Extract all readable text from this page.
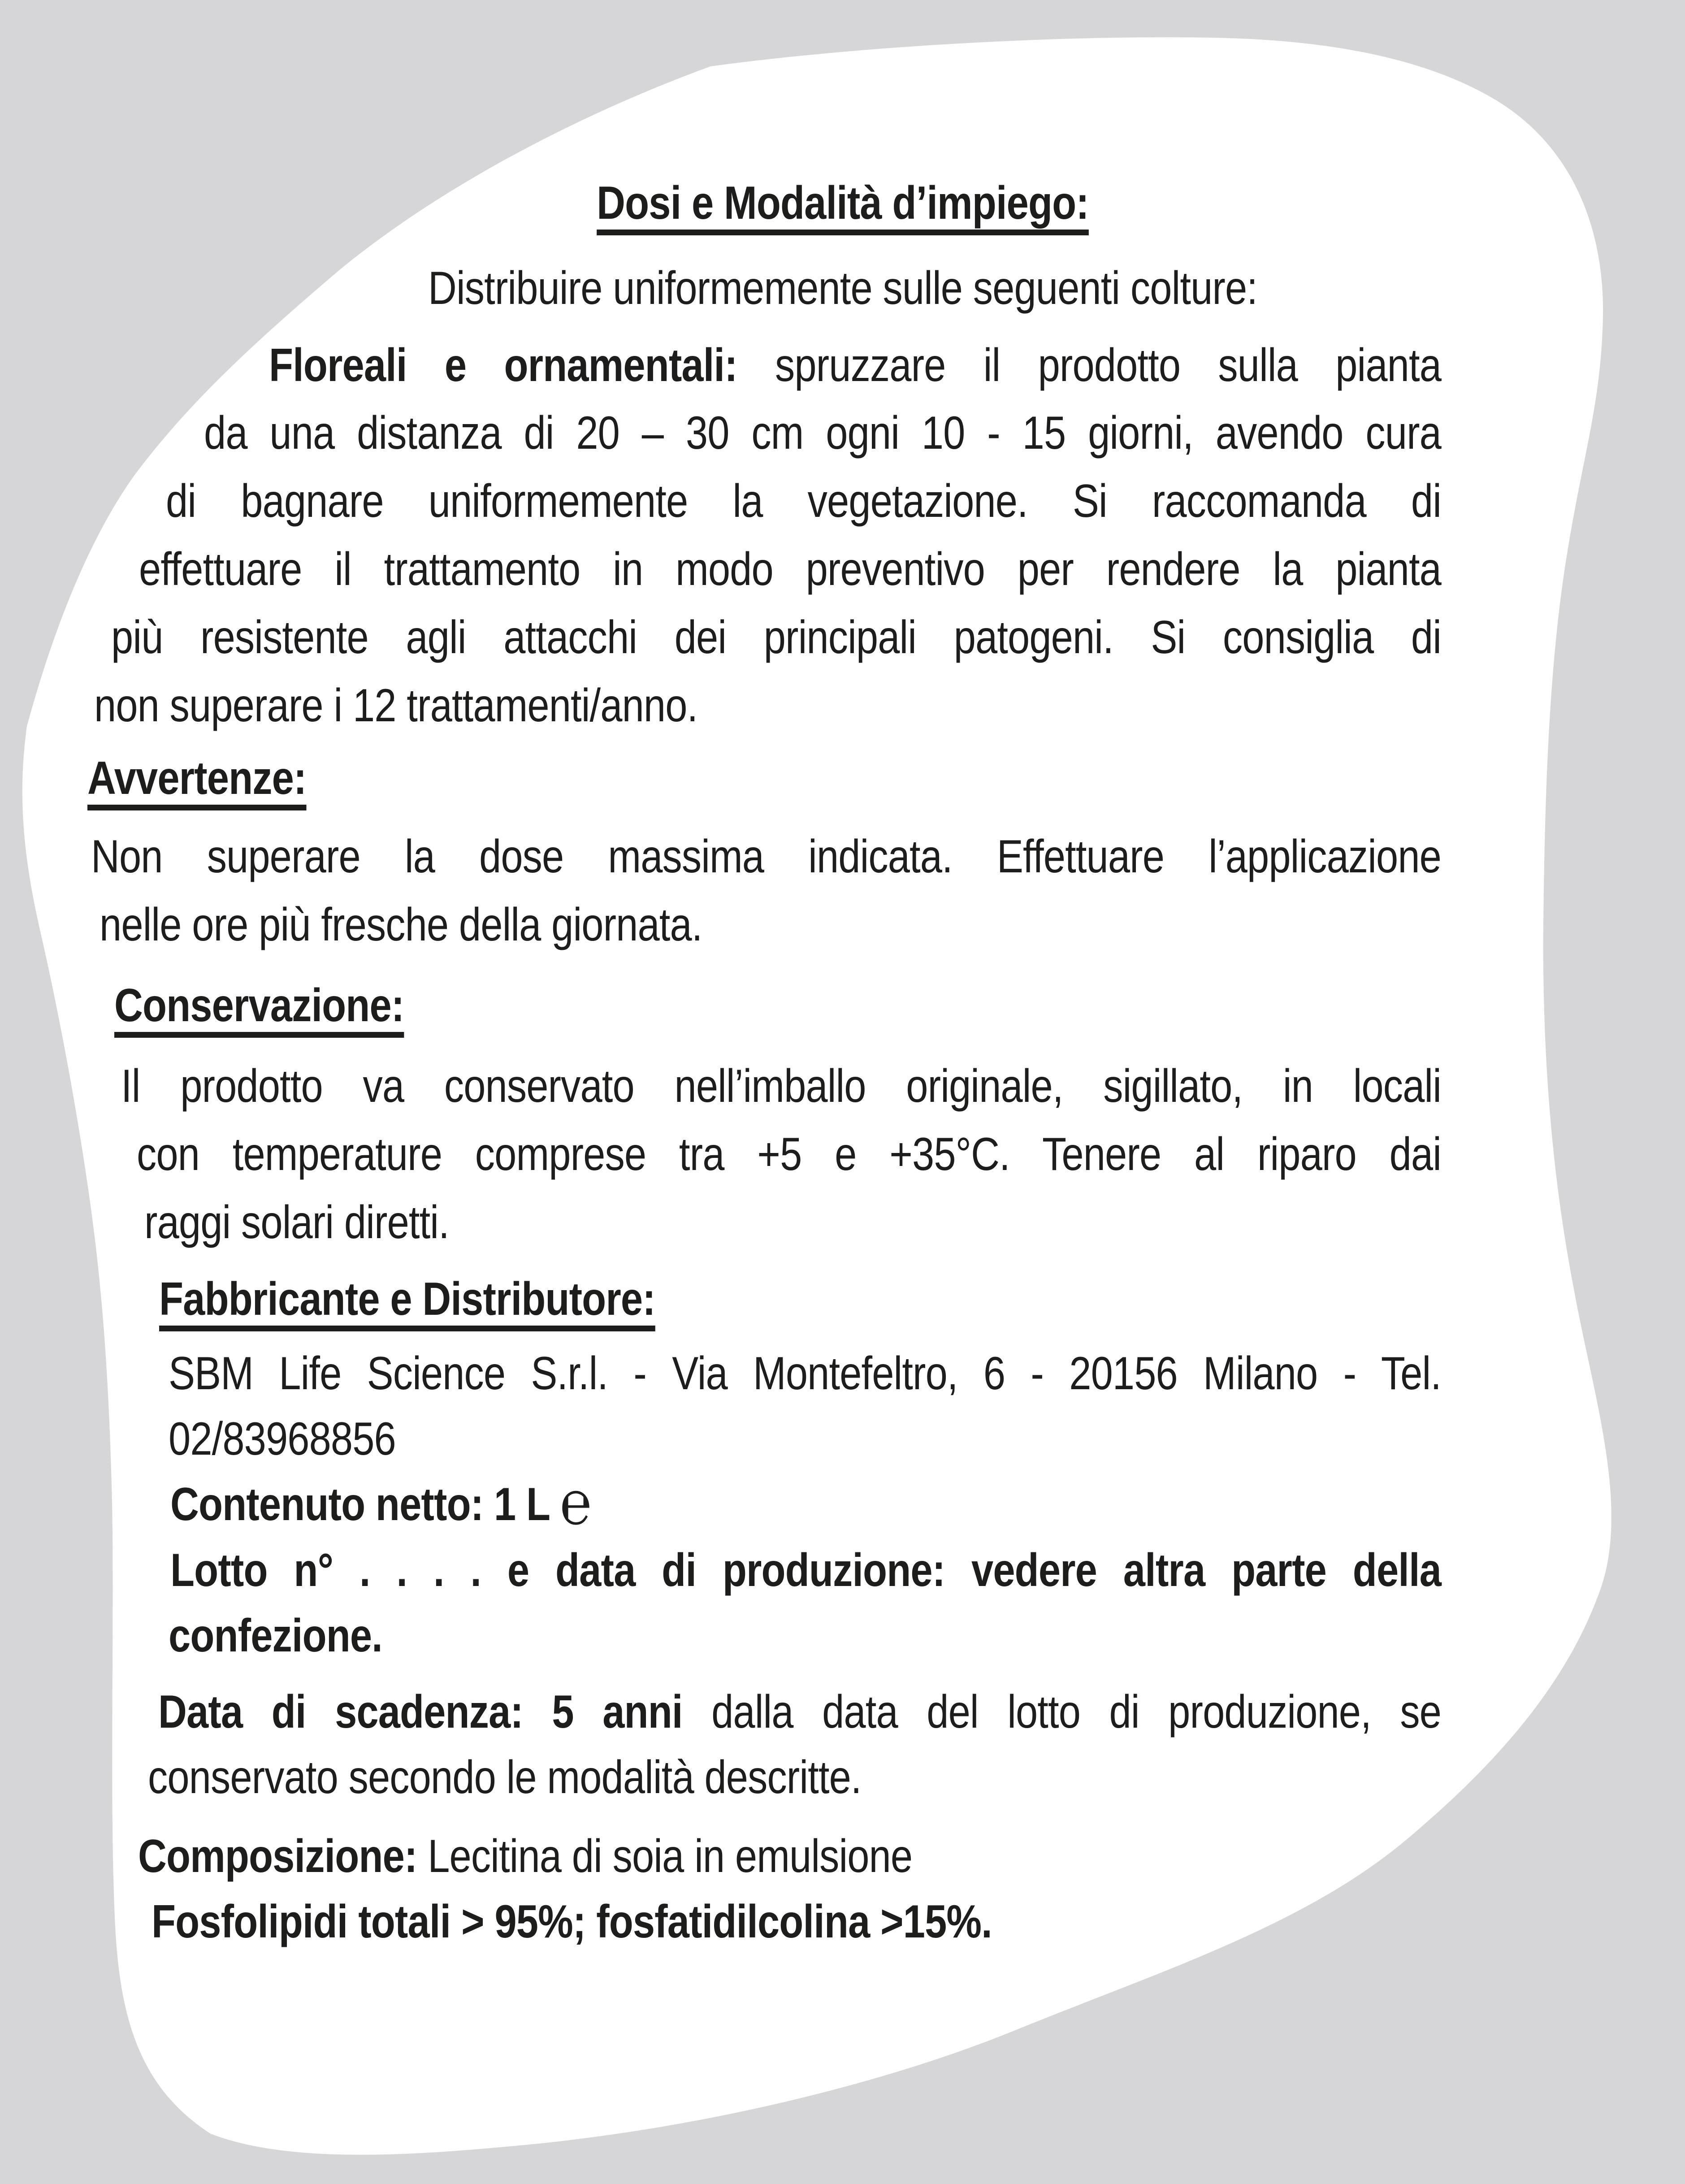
Dosi e Modalità d’impiego:
Distribuire uniformemente sulle seguenti colture:
Floreali e ornamentali: spruzzare il prodotto sulla pianta
da una distanza di 20 – 30 cm ogni 10 - 15 giorni, avendo cura
di bagnare uniformemente la vegetazione. Si raccomanda di
effettuare il trattamento in modo preventivo per rendere la pianta
più resistente agli attacchi dei principali patogeni. Si consiglia di
non superare i 12 trattamenti/anno.
Avvertenze:
Non superare la dose massima indicata. Effettuare l’applicazione
nelle ore più fresche della giornata.
Conservazione:
Il prodotto va conservato nell’imballo originale, sigillato, in locali
con temperature comprese tra +5 e +35°C. Tenere al riparo dai
raggi solari diretti.
Fabbricante e Distributore:
SBM Life Science S.r.l. - Via Montefeltro, 6 - 20156 Milano - Tel.
02/83968856
Contenuto netto: 1 L ℮
Lotto n° . . . . e data di produzione: vedere altra parte della
confezione.
Data di scadenza: 5 anni dalla data del lotto di produzione, se
conservato secondo le modalità descritte.
Composizione: Lecitina di soia in emulsione
Fosfolipidi totali > 95%; fosfatidilcolina >15%.
